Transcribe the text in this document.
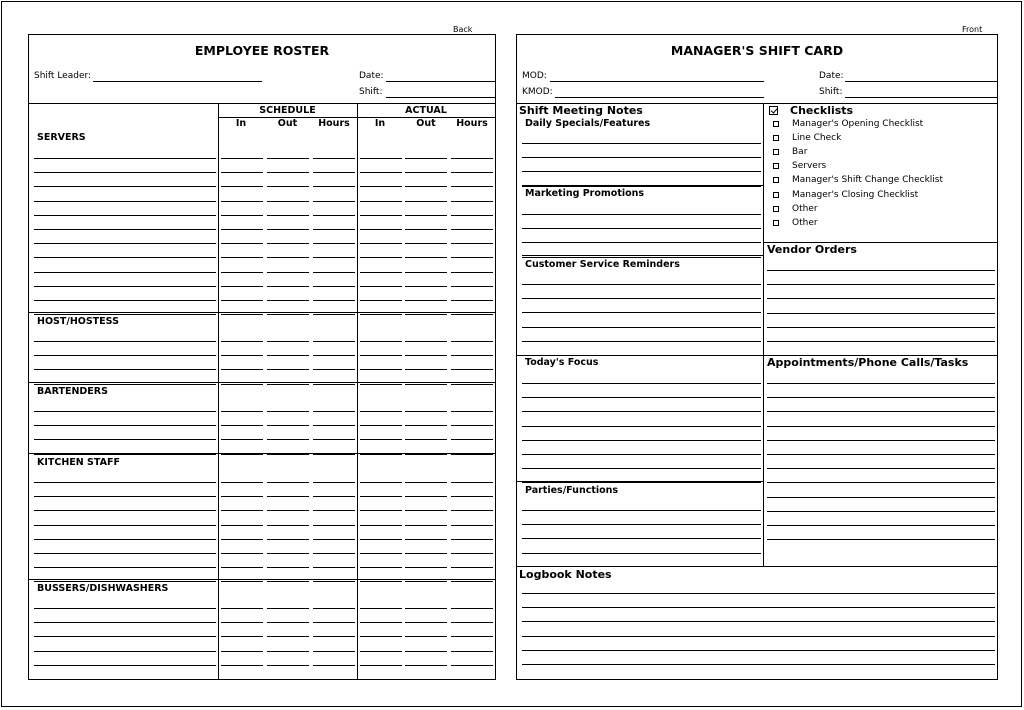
Back	Front
EMPLOYEE ROSTER
Shift Leader:	Date:
Shift:
SCHEDULE	ACTUAL
In	Out	Hours	In	Out	Hours
SERVERS
HOST/HOSTESS
BARTENDERS
KITCHEN STAFF
BUSSERS/DISHWASHERS
MANAGER'S SHIFT CARD
MOD:
KMOD:
Date:
Shift:
Shift Meeting Notes
Daily Specials/Features
Marketing Promotions
Customer Service Reminders
Today's Focus
Parties/Functions
Checklists
Manager's Opening Checklist
Line Check
Bar
Servers
Manager's Shift Change Checklist
Manager's Closing Checklist
Other
Other
Vendor Orders
Appointments/Phone Calls/Tasks
Logbook Notes
